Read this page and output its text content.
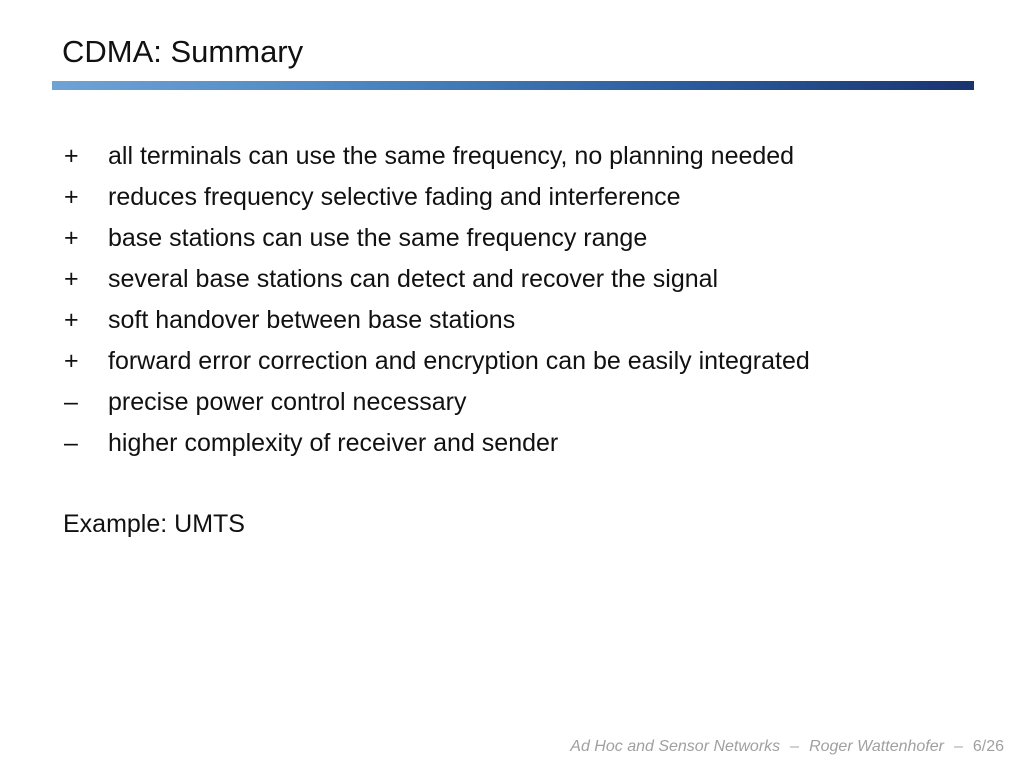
CDMA: Summary
+	all terminals can use the same frequency, no planning needed
+	reduces frequency selective fading and interference
+	base stations can use the same frequency range
+	several base stations can detect and recover the signal
+	soft handover between base stations
+	forward error correction and encryption can be easily integrated
–	precise power control necessary
–	higher complexity of receiver and sender

Example: UMTS

Ad Hoc and Sensor Networks – Roger Wattenhofer – 6/26
